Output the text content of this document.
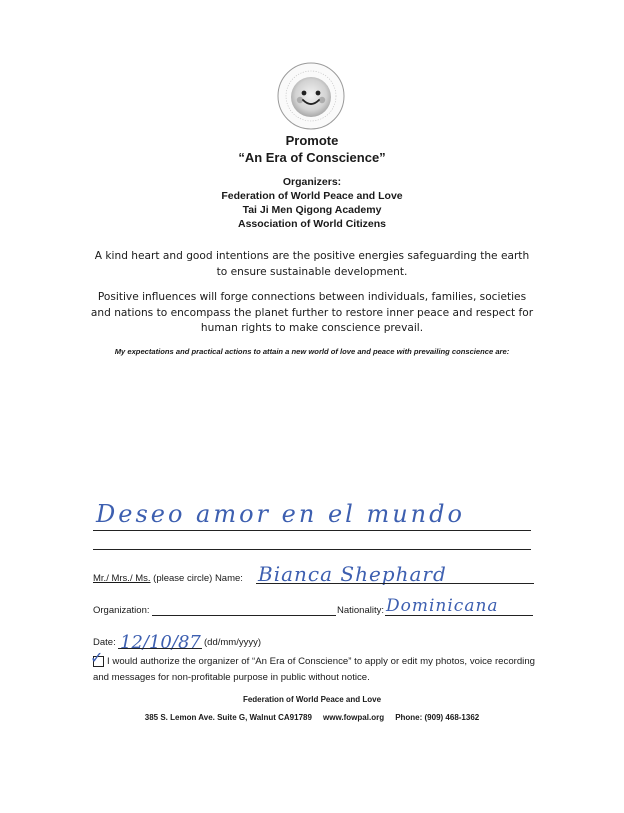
Promote
“An Era of Conscience”
Organizers:
Federation of World Peace and Love
Tai Ji Men Qigong Academy
Association of World Citizens
A kind heart and good intentions are the positive energies safeguarding the earth to ensure sustainable development.
Positive influences will forge connections between individuals, families, societies and nations to encompass the planet further to restore inner peace and respect for human rights to make conscience prevail.
My expectations and practical actions to attain a new world of love and peace with prevailing conscience are:
Deseo amor en el mundo
Mr./ Mrs./ Ms. (please circle) Name: Bianca Shephard
Organization:	Nationality: Dominicana
Date: 12/10/87 (dd/mm/yyyy)
✓ I would authorize the organizer of “An Era of Conscience” to apply or edit my photos, voice recording and messages for non-profitable purpose in public without notice.
Federation of World Peace and Love
385 S. Lemon Ave. Suite G, Walnut CA91789     www.fowpal.org     Phone: (909) 468-1362
